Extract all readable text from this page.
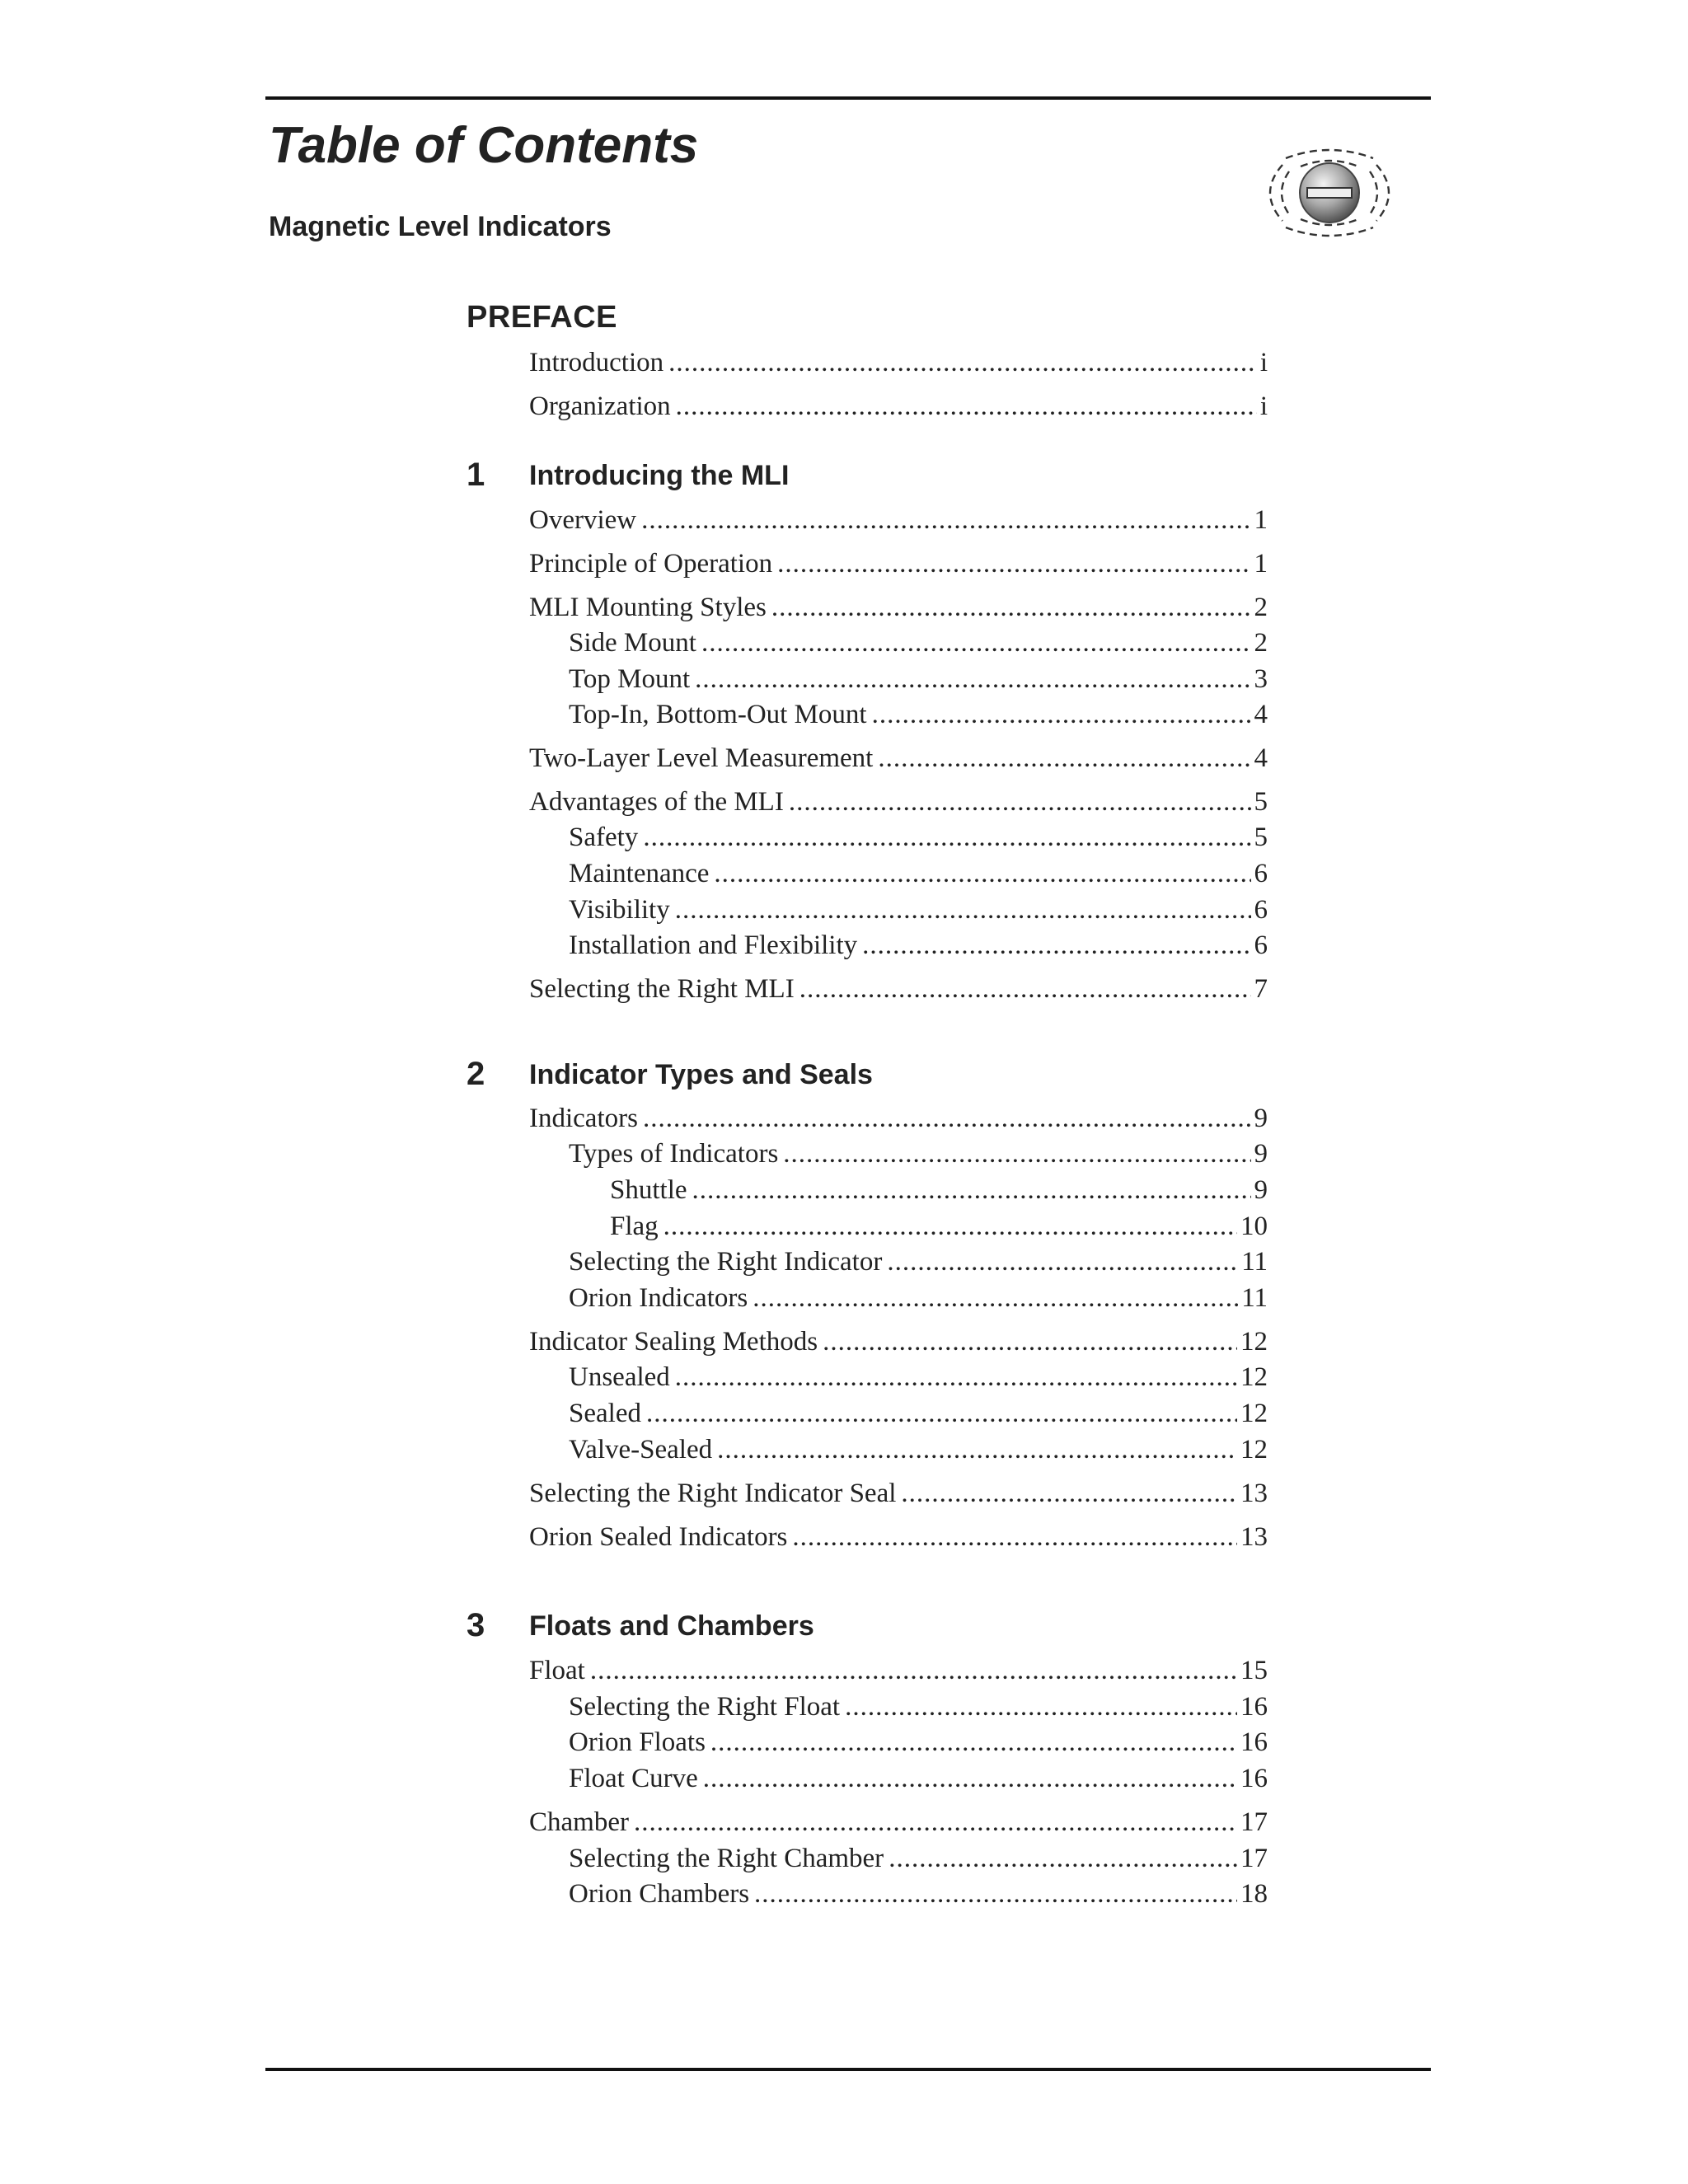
Table of Contents
Magnetic Level Indicators
PREFACE
Introduction .....	i
Organization .....	i
1 Introducing the MLI
Overview .....	1
Principle of Operation .....	1
MLI Mounting Styles .....	2
Side Mount .....	2
Top Mount .....	3
Top-In, Bottom-Out Mount .....	4
Two-Layer Level Measurement .....	4
Advantages of the MLI .....	5
Safety .....	5
Maintenance .....	6
Visibility .....	6
Installation and Flexibility .....	6
Selecting the Right MLI .....	7
2 Indicator Types and Seals
Indicators .....	9
Types of Indicators .....	9
Shuttle .....	9
Flag .....	10
Selecting the Right Indicator .....	11
Orion Indicators .....	11
Indicator Sealing Methods .....	12
Unsealed .....	12
Sealed .....	12
Valve-Sealed .....	12
Selecting the Right Indicator Seal .....	13
Orion Sealed Indicators .....	13
3 Floats and Chambers
Float .....	15
Selecting the Right Float .....	16
Orion Floats .....	16
Float Curve .....	16
Chamber .....	17
Selecting the Right Chamber .....	17
Orion Chambers .....	18
